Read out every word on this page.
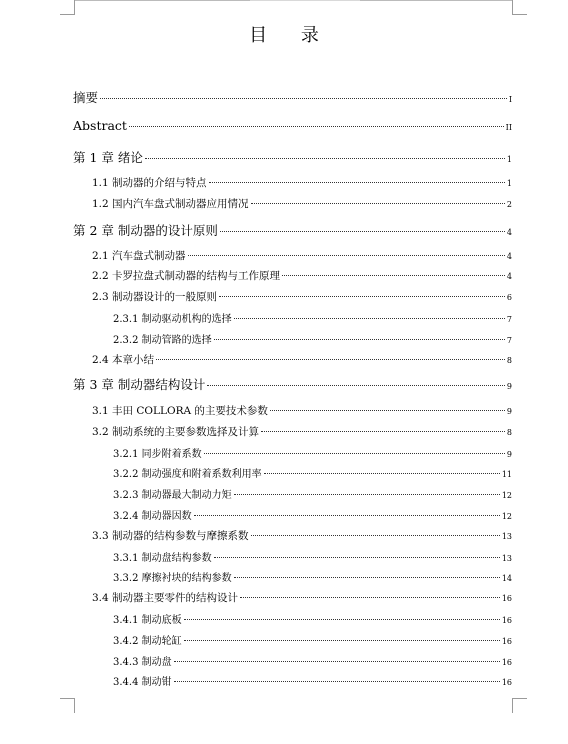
目 录
摘要	I
Abstract	II
第 1 章 绪论	1
1.1 制动器的介绍与特点	1
1.2 国内汽车盘式制动器应用情况	2
第 2 章 制动器的设计原则	4
2.1 汽车盘式制动器	4
2.2 卡罗拉盘式制动器的结构与工作原理	4
2.3 制动器设计的一般原则	6
2.3.1 制动驱动机构的选择	7
2.3.2 制动管路的选择	7
2.4 本章小结	8
第 3 章 制动器结构设计	9
3.1 丰田 COLLORA 的主要技术参数	9
3.2 制动系统的主要参数选择及计算	8
3.2.1 同步附着系数	9
3.2.2 制动强度和附着系数利用率	11
3.2.3 制动器最大制动力矩	12
3.2.4 制动器因数	12
3.3 制动器的结构参数与摩擦系数	13
3.3.1 制动盘结构参数	13
3.3.2 摩擦衬块的结构参数	14
3.4 制动器主要零件的结构设计	16
3.4.1 制动底板	16
3.4.2 制动轮缸	16
3.4.3 制动盘	16
3.4.4 制动钳	16
